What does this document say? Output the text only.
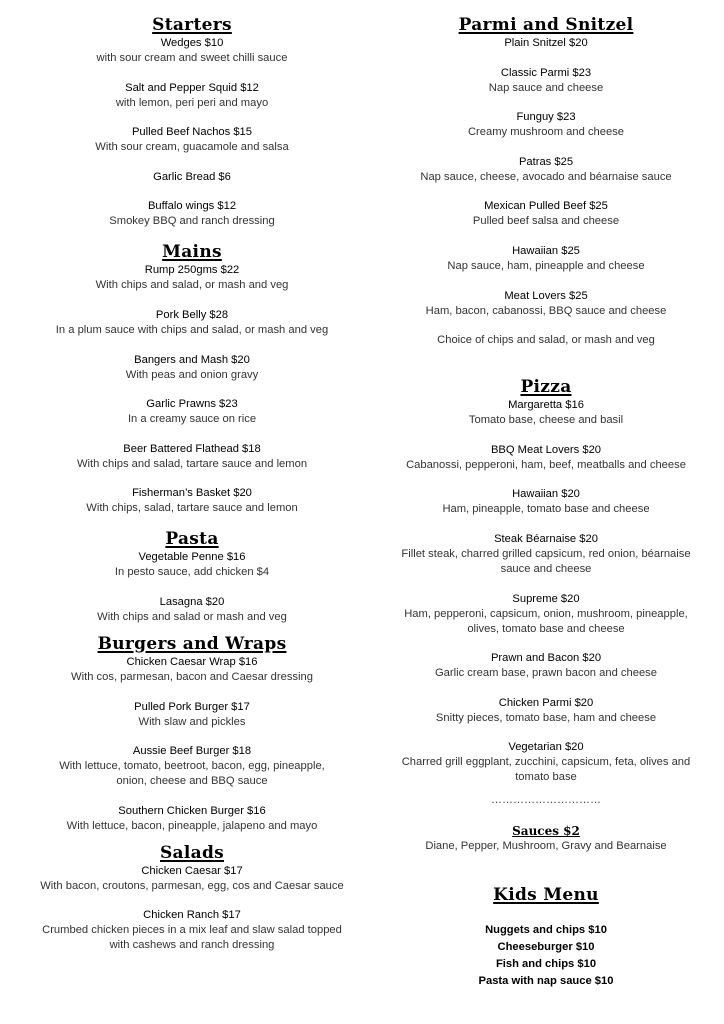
Starters
Wedges $10
with sour cream and sweet chilli sauce
Salt and Pepper Squid $12
with lemon, peri peri and mayo
Pulled Beef Nachos $15
With sour cream, guacamole and salsa
Garlic Bread $6
Buffalo wings $12
Smokey BBQ and ranch dressing
Mains
Rump 250gms $22
With chips and salad, or mash and veg
Pork Belly $28
In a plum sauce with chips and salad, or mash and veg
Bangers and Mash $20
With peas and onion gravy
Garlic Prawns $23
In a creamy sauce on rice
Beer Battered Flathead $18
With chips and salad, tartare sauce and lemon
Fisherman’s Basket $20
With chips, salad, tartare sauce and lemon
Pasta
Vegetable Penne $16
In pesto sauce, add chicken $4
Lasagna $20
With chips and salad or mash and veg
Burgers and Wraps
Chicken Caesar Wrap $16
With cos, parmesan, bacon and Caesar dressing
Pulled Pork Burger $17
With slaw and pickles
Aussie Beef Burger $18
With lettuce, tomato, beetroot, bacon, egg, pineapple, onion, cheese and BBQ sauce
Southern Chicken Burger $16
With lettuce, bacon, pineapple, jalapeno and mayo
Salads
Chicken Caesar $17
With bacon, croutons, parmesan, egg, cos and Caesar sauce
Chicken Ranch $17
Crumbed chicken pieces in a mix leaf and slaw salad topped with cashews and ranch dressing
Parmi and Snitzel
Plain Snitzel $20
Classic Parmi $23
Nap sauce and cheese
Funguy $23
Creamy mushroom and cheese
Patras $25
Nap sauce, cheese, avocado and béarnaise sauce
Mexican Pulled Beef $25
Pulled beef salsa and cheese
Hawaiian $25
Nap sauce, ham, pineapple and cheese
Meat Lovers $25
Ham, bacon, cabanossi, BBQ sauce and cheese
Choice of chips and salad, or mash and veg
Pizza
Margaretta $16
Tomato base, cheese and basil
BBQ Meat Lovers $20
Cabanossi, pepperoni, ham, beef, meatballs and cheese
Hawaiian $20
Ham, pineapple, tomato base and cheese
Steak Béarnaise $20
Fillet steak, charred grilled capsicum, red onion, béarnaise sauce and cheese
Supreme $20
Ham, pepperoni, capsicum, onion, mushroom, pineapple, olives, tomato base and cheese
Prawn and Bacon $20
Garlic cream base, prawn bacon and cheese
Chicken Parmi $20
Snitty pieces, tomato base, ham and cheese
Vegetarian $20
Charred grill eggplant, zucchini, capsicum, feta, olives and tomato base
…………………………
Sauces $2
Diane, Pepper, Mushroom, Gravy and Bearnaise
Kids Menu
Nuggets and chips $10
Cheeseburger $10
Fish and chips $10
Pasta with nap sauce $10
